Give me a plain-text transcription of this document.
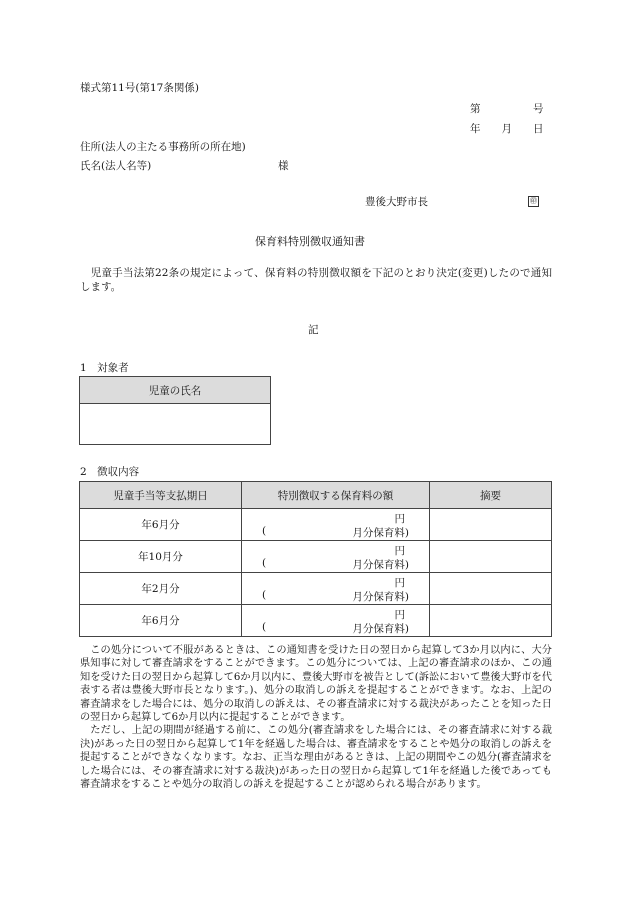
様式第11号(第17条関係)
第　　　　　号
年　　月　　日
住所(法人の主たる事務所の所在地)
氏名(法人名等)	様
豊後大野市長	㊞
保育料特別徴収通知書
　児童手当法第22条の規定によって、保育料の特別徴収額を下記のとおり決定(変更)したので通知します。
記
1　対象者
児童の氏名

2　徴収内容
児童手当等支払期日	特別徴収する保育料の額	摘要
年6月分	円
( 月分保育料)	

年10月分	円
( 月分保育料)	

年2月分	円
( 月分保育料)	

年6月分	円
( 月分保育料)	

この処分について不服があるときは、この通知書を受けた日の翌日から起算して3か月以内に、大分県知事に対して審査請求をすることができます。この処分については、上記の審査請求のほか、この通知を受けた日の翌日から起算して6か月以内に、豊後大野市を被告として(訴訟において豊後大野市を代表する者は豊後大野市長となります。)、処分の取消しの訴えを提起することができます。なお、上記の審査請求をした場合には、処分の取消しの訴えは、その審査請求に対する裁決があったことを知った日の翌日から起算して6か月以内に提起することができます。

ただし、上記の期間が経過する前に、この処分(審査請求をした場合には、その審査請求に対する裁決)があった日の翌日から起算して1年を経過した場合は、審査請求をすることや処分の取消しの訴えを提起することができなくなります。なお、正当な理由があるときは、上記の期間やこの処分(審査請求をした場合には、その審査請求に対する裁決)があった日の翌日から起算して1年を経過した後であっても審査請求をすることや処分の取消しの訴えを提起することが認められる場合があります。
